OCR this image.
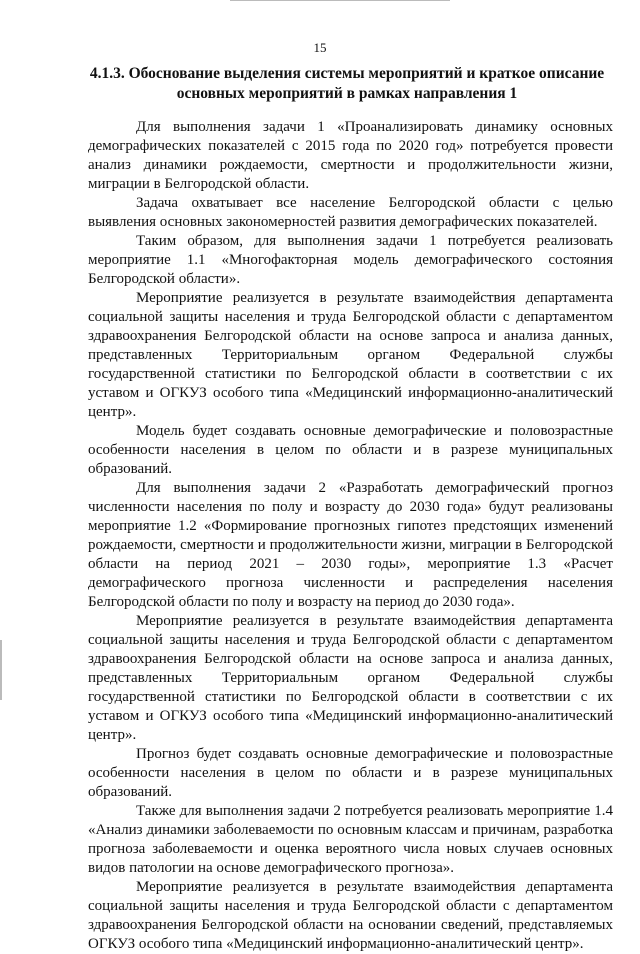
15
4.1.3. Обоснование выделения системы мероприятий и краткое описание
основных мероприятий в рамках направления 1

Для выполнения задачи 1 «Проанализировать динамику основных демографических показателей с 2015 года по 2020 год» потребуется провести анализ динамики рождаемости, смертности и продолжительности жизни, миграции в Белгородской области.

Задача охватывает все население Белгородской области с целью выявления основных закономерностей развития демографических показателей.

Таким образом, для выполнения задачи 1 потребуется реализовать мероприятие 1.1 «Многофакторная модель демографического состояния Белгородской области».

Мероприятие реализуется в результате взаимодействия департамента социальной защиты населения и труда Белгородской области с департаментом здравоохранения Белгородской области на основе запроса и анализа данных, представленных Территориальным органом Федеральной службы государственной статистики по Белгородской области в соответствии с их уставом и ОГКУЗ особого типа «Медицинский информационно-аналитический центр».

Модель будет создавать основные демографические и половозрастные особенности населения в целом по области и в разрезе муниципальных образований.

Для выполнения задачи 2 «Разработать демографический прогноз численности населения по полу и возрасту до 2030 года» будут реализованы мероприятие 1.2 «Формирование прогнозных гипотез предстоящих изменений рождаемости, смертности и продолжительности жизни, миграции в Белгородской области на период 2021 – 2030 годы», мероприятие 1.3 «Расчет демографического прогноза численности и распределения населения Белгородской области по полу и возрасту на период до 2030 года».

Мероприятие реализуется в результате взаимодействия департамента социальной защиты населения и труда Белгородской области с департаментом здравоохранения Белгородской области на основе запроса и анализа данных, представленных Территориальным органом Федеральной службы государственной статистики по Белгородской области в соответствии с их уставом и ОГКУЗ особого типа «Медицинский информационно-аналитический центр».

Прогноз будет создавать основные демографические и половозрастные особенности населения в целом по области и в разрезе муниципальных образований.

Также для выполнения задачи 2 потребуется реализовать мероприятие 1.4 «Анализ динамики заболеваемости по основным классам и причинам, разработка прогноза заболеваемости и оценка вероятного числа новых случаев основных видов патологии на основе демографического прогноза».

Мероприятие реализуется в результате взаимодействия департамента социальной защиты населения и труда Белгородской области с департаментом здравоохранения Белгородской области на основании сведений, представляемых ОГКУЗ особого типа «Медицинский информационно-аналитический центр».
